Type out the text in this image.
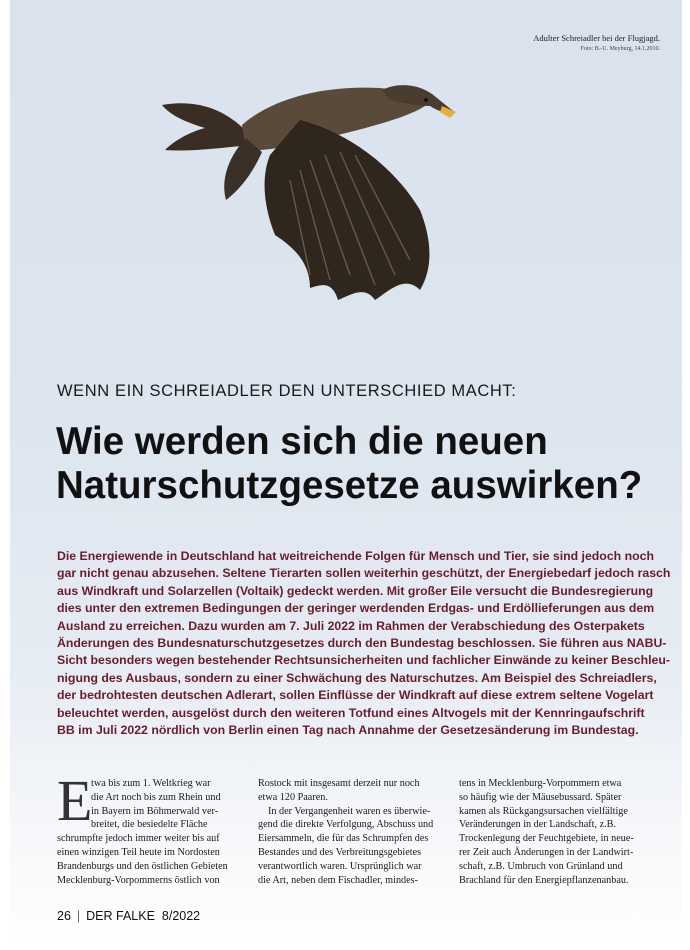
Adulter Schreiadler bei der Flugjagd.
Foto: B.-U. Meyburg, 14.1.2010.
WENN EIN SCHREIADLER DEN UNTERSCHIED MACHT:
Wie werden sich die neuen
Naturschutzgesetze auswirken?
Die Energiewende in Deutschland hat weitreichende Folgen für Mensch und Tier, sie sind jedoch noch
gar nicht genau abzusehen. Seltene Tierarten sollen weiterhin geschützt, der Energiebedarf jedoch rasch
aus Windkraft und Solarzellen (Voltaik) gedeckt werden. Mit großer Eile versucht die Bundesregierung
dies unter den extremen Bedingungen der geringer werdenden Erdgas- und Erdöllieferungen aus dem
Ausland zu erreichen. Dazu wurden am 7. Juli 2022 im Rahmen der Verabschiedung des Osterpakets
Änderungen des Bundesnaturschutzgesetzes durch den Bundestag beschlossen. Sie führen aus NABU-
Sicht besonders wegen bestehender Rechtsunsicherheiten und fachlicher Einwände zu keiner Beschleu-
nigung des Ausbaus, sondern zu einer Schwächung des Naturschutzes. Am Beispiel des Schreiadlers,
der bedrohtesten deutschen Adlerart, sollen Einflüsse der Windkraft auf diese extrem seltene Vogelart
beleuchtet werden, ausgelöst durch den weiteren Totfund eines Altvogels mit der Kennringaufschrift
BB im Juli 2022 nördlich von Berlin einen Tag nach Annahme der Gesetzesänderung im Bundestag.
E
twa bis zum 1. Weltkrieg war
die Art noch bis zum Rhein und
in Bayern im Böhmerwald ver-
breitet, die besiedelte Fläche
schrumpfte jedoch immer weiter bis auf
einen winzigen Teil heute im Nordosten
Brandenburgs und den östlichen Gebieten
Mecklenburg-Vorpommerns östlich von
Rostock mit insgesamt derzeit nur noch
etwa 120 Paaren.
In der Vergangenheit waren es überwie-
gend die direkte Verfolgung, Abschuss und
Eiersammeln, die für das Schrumpfen des
Bestandes und des Verbreitungsgebietes
verantwortlich waren. Ursprünglich war
die Art, neben dem Fischadler, mindes-
tens in Mecklenburg-Vorpommern etwa
so häufig wie der Mäusebussard. Später
kamen als Rückgangsursachen vielfältige
Veränderungen in der Landschaft, z.B.
Trockenlegung der Feuchtgebiete, in neue-
rer Zeit auch Änderungen in der Landwirt-
schaft, z.B. Umbruch von Grünland und
Brachland für den Energiepflanzenanbau.
26 | DER FALKE 8/2022
